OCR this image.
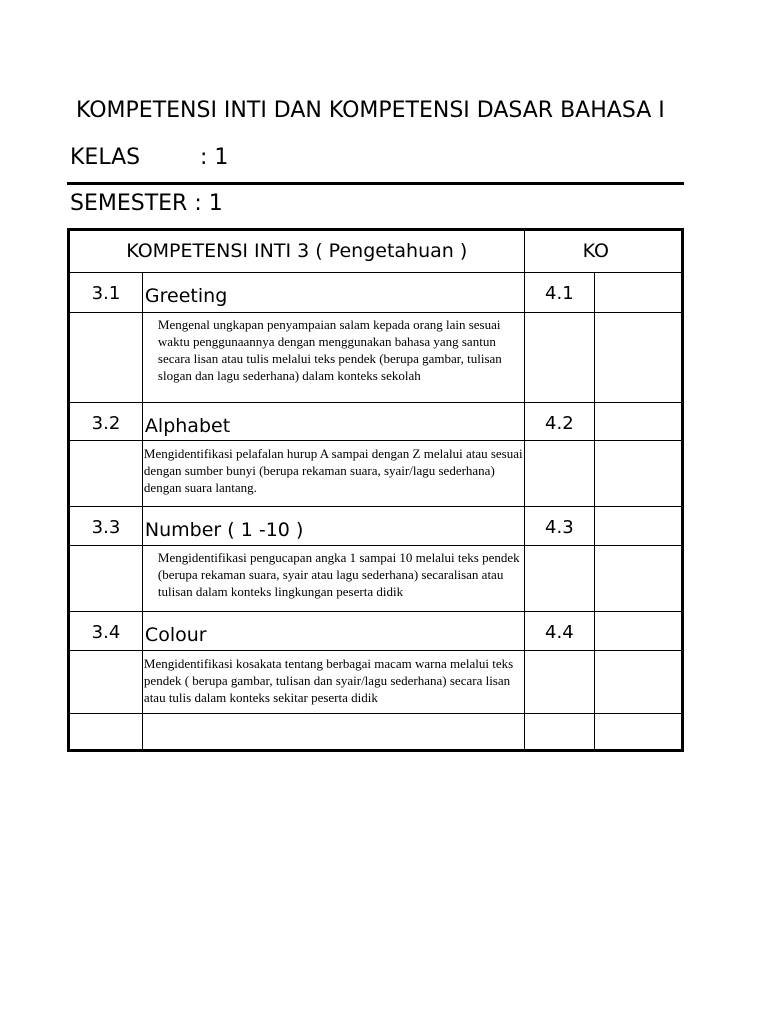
KOMPETENSI INTI DAN KOMPETENSI DASAR BAHASA I
KELAS	: 1
SEMESTER : 1
KOMPETENSI INTI 3 ( Pengetahuan )		KO	

3.1	Greeting	4.1	

	Mengenal ungkapan penyampaian salam kepada orang lain sesuai waktu penggunaannya dengan menggunakan bahasa yang santun secara lisan atau tulis melalui teks pendek (berupa gambar, tulisan slogan dan lagu sederhana) dalam konteks sekolah		

3.2	Alphabet	4.2	

	Mengidentifikasi pelafalan hurup A sampai dengan Z melalui atau sesuai dengan sumber bunyi (berupa rekaman suara, syair/lagu sederhana) dengan suara lantang.		

3.3	Number ( 1 -10 )	4.3	

	Mengidentifikasi pengucapan angka 1 sampai 10 melalui teks pendek (berupa rekaman suara, syair atau lagu sederhana) secaralisan atau tulisan dalam konteks lingkungan peserta didik		

3.4	Colour	4.4	

	Mengidentifikasi kosakata tentang berbagai macam warna melalui teks pendek ( berupa gambar, tulisan dan syair/lagu sederhana) secara lisan atau tulis dalam konteks sekitar peserta didik		
